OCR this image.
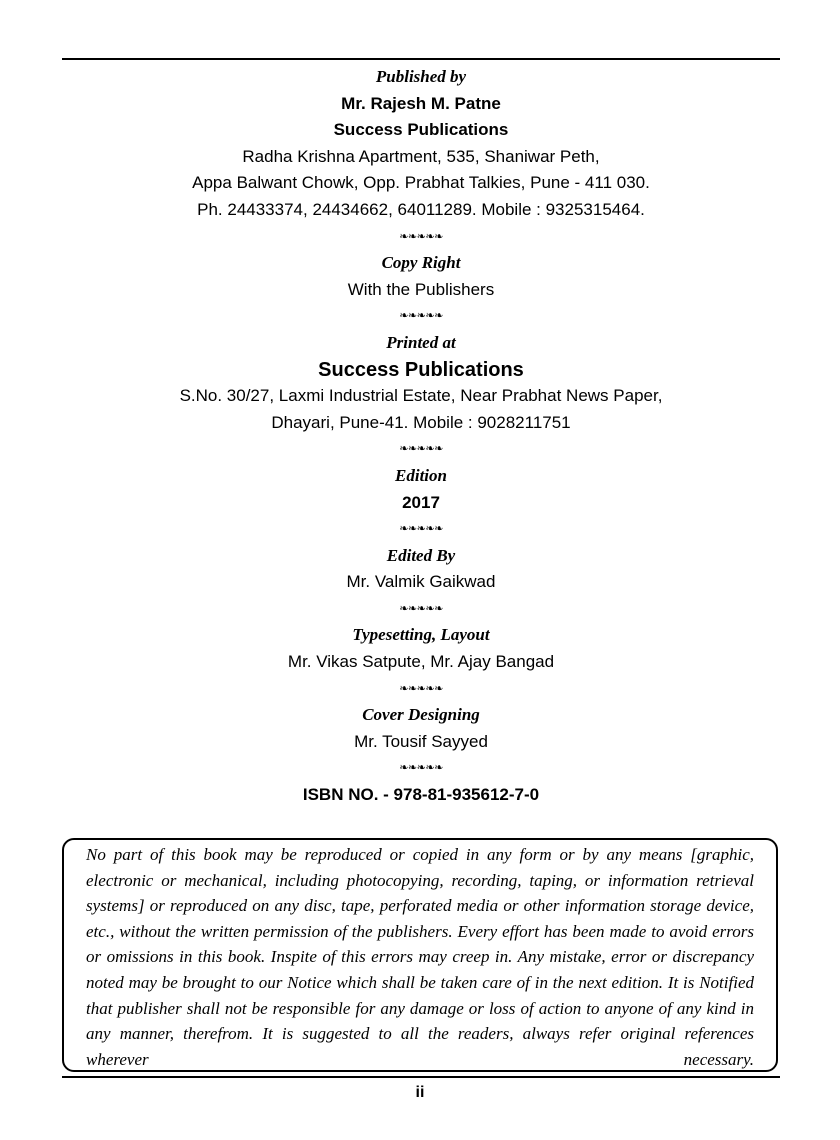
Published by
Mr. Rajesh M. Patne
Success Publications
Radha Krishna Apartment, 535, Shaniwar Peth,
Appa Balwant Chowk, Opp. Prabhat Talkies, Pune - 411 030.
Ph. 24433374, 24434662, 64011289. Mobile : 9325315464.
❧❧❧❧❧
Copy Right
With the Publishers
❧❧❧❧❧
Printed at
Success Publications
S.No. 30/27, Laxmi Industrial Estate, Near Prabhat News Paper,
Dhayari, Pune-41. Mobile : 9028211751
❧❧❧❧❧
Edition
2017
❧❧❧❧❧
Edited By
Mr. Valmik Gaikwad
❧❧❧❧❧
Typesetting, Layout
Mr. Vikas Satpute, Mr. Ajay Bangad
❧❧❧❧❧
Cover Designing
Mr. Tousif Sayyed
❧❧❧❧❧
ISBN NO. - 978-81-935612-7-0

No part of this book may be reproduced or copied in any form or by any means [graphic, electronic or mechanical, including photocopying, recording, taping, or information retrieval systems] or reproduced on any disc, tape, perforated media or other information storage device, etc., without the written permission of the publishers. Every effort has been made to avoid errors or omissions in this book. Inspite of this errors may creep in. Any mistake, error or discrepancy noted may be brought to our Notice which shall be taken care of in the next edition. It is Notified that publisher shall not be responsible for any damage or loss of action to anyone of any kind in any manner, therefrom. It is suggested to all the readers, always refer original references wherever necessary.

ii
